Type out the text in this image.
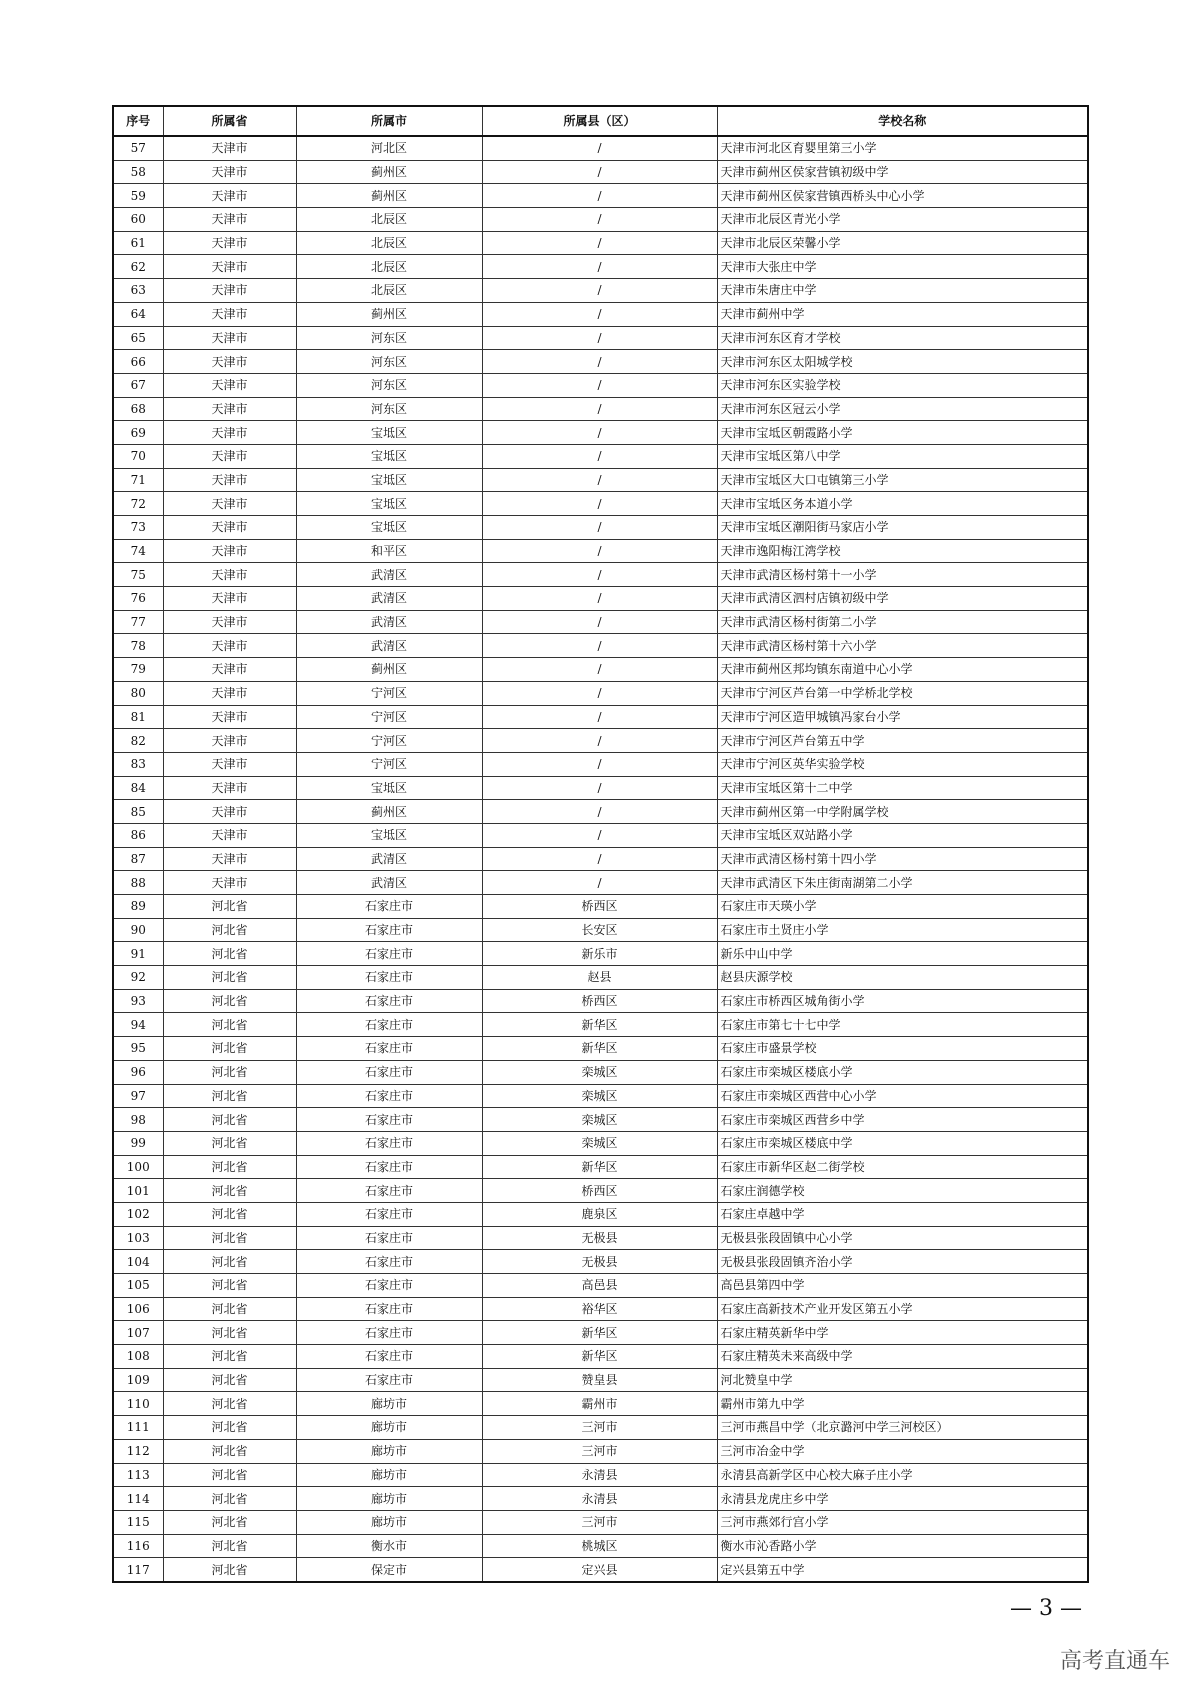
序号	所属省	所属市	所属县（区）	学校名称
57	天津市	河北区	/	天津市河北区育婴里第三小学
58	天津市	蓟州区	/	天津市蓟州区侯家营镇初级中学
59	天津市	蓟州区	/	天津市蓟州区侯家营镇西桥头中心小学
60	天津市	北辰区	/	天津市北辰区青光小学
61	天津市	北辰区	/	天津市北辰区荣馨小学
62	天津市	北辰区	/	天津市大张庄中学
63	天津市	北辰区	/	天津市朱唐庄中学
64	天津市	蓟州区	/	天津市蓟州中学
65	天津市	河东区	/	天津市河东区育才学校
66	天津市	河东区	/	天津市河东区太阳城学校
67	天津市	河东区	/	天津市河东区实验学校
68	天津市	河东区	/	天津市河东区冠云小学
69	天津市	宝坻区	/	天津市宝坻区朝霞路小学
70	天津市	宝坻区	/	天津市宝坻区第八中学
71	天津市	宝坻区	/	天津市宝坻区大口屯镇第三小学
72	天津市	宝坻区	/	天津市宝坻区务本道小学
73	天津市	宝坻区	/	天津市宝坻区潮阳街马家店小学
74	天津市	和平区	/	天津市逸阳梅江湾学校
75	天津市	武清区	/	天津市武清区杨村第十一小学
76	天津市	武清区	/	天津市武清区泗村店镇初级中学
77	天津市	武清区	/	天津市武清区杨村街第二小学
78	天津市	武清区	/	天津市武清区杨村第十六小学
79	天津市	蓟州区	/	天津市蓟州区邦均镇东南道中心小学
80	天津市	宁河区	/	天津市宁河区芦台第一中学桥北学校
81	天津市	宁河区	/	天津市宁河区造甲城镇冯家台小学
82	天津市	宁河区	/	天津市宁河区芦台第五中学
83	天津市	宁河区	/	天津市宁河区英华实验学校
84	天津市	宝坻区	/	天津市宝坻区第十二中学
85	天津市	蓟州区	/	天津市蓟州区第一中学附属学校
86	天津市	宝坻区	/	天津市宝坻区双站路小学
87	天津市	武清区	/	天津市武清区杨村第十四小学
88	天津市	武清区	/	天津市武清区下朱庄街南湖第二小学
89	河北省	石家庄市	桥西区	石家庄市天瑛小学
90	河北省	石家庄市	长安区	石家庄市土贤庄小学
91	河北省	石家庄市	新乐市	新乐中山中学
92	河北省	石家庄市	赵县	赵县庆源学校
93	河北省	石家庄市	桥西区	石家庄市桥西区城角街小学
94	河北省	石家庄市	新华区	石家庄市第七十七中学
95	河北省	石家庄市	新华区	石家庄市盛景学校
96	河北省	石家庄市	栾城区	石家庄市栾城区楼底小学
97	河北省	石家庄市	栾城区	石家庄市栾城区西营中心小学
98	河北省	石家庄市	栾城区	石家庄市栾城区西营乡中学
99	河北省	石家庄市	栾城区	石家庄市栾城区楼底中学
100	河北省	石家庄市	新华区	石家庄市新华区赵二街学校
101	河北省	石家庄市	桥西区	石家庄润德学校
102	河北省	石家庄市	鹿泉区	石家庄卓越中学
103	河北省	石家庄市	无极县	无极县张段固镇中心小学
104	河北省	石家庄市	无极县	无极县张段固镇齐治小学
105	河北省	石家庄市	高邑县	高邑县第四中学
106	河北省	石家庄市	裕华区	石家庄高新技术产业开发区第五小学
107	河北省	石家庄市	新华区	石家庄精英新华中学
108	河北省	石家庄市	新华区	石家庄精英未来高级中学
109	河北省	石家庄市	赞皇县	河北赞皇中学
110	河北省	廊坊市	霸州市	霸州市第九中学
111	河北省	廊坊市	三河市	三河市燕昌中学（北京潞河中学三河校区）
112	河北省	廊坊市	三河市	三河市冶金中学
113	河北省	廊坊市	永清县	永清县高新学区中心校大麻子庄小学
114	河北省	廊坊市	永清县	永清县龙虎庄乡中学
115	河北省	廊坊市	三河市	三河市燕郊行宫小学
116	河北省	衡水市	桃城区	衡水市沁香路小学
117	河北省	保定市	定兴县	定兴县第五中学
— 3 —
高考直通车
